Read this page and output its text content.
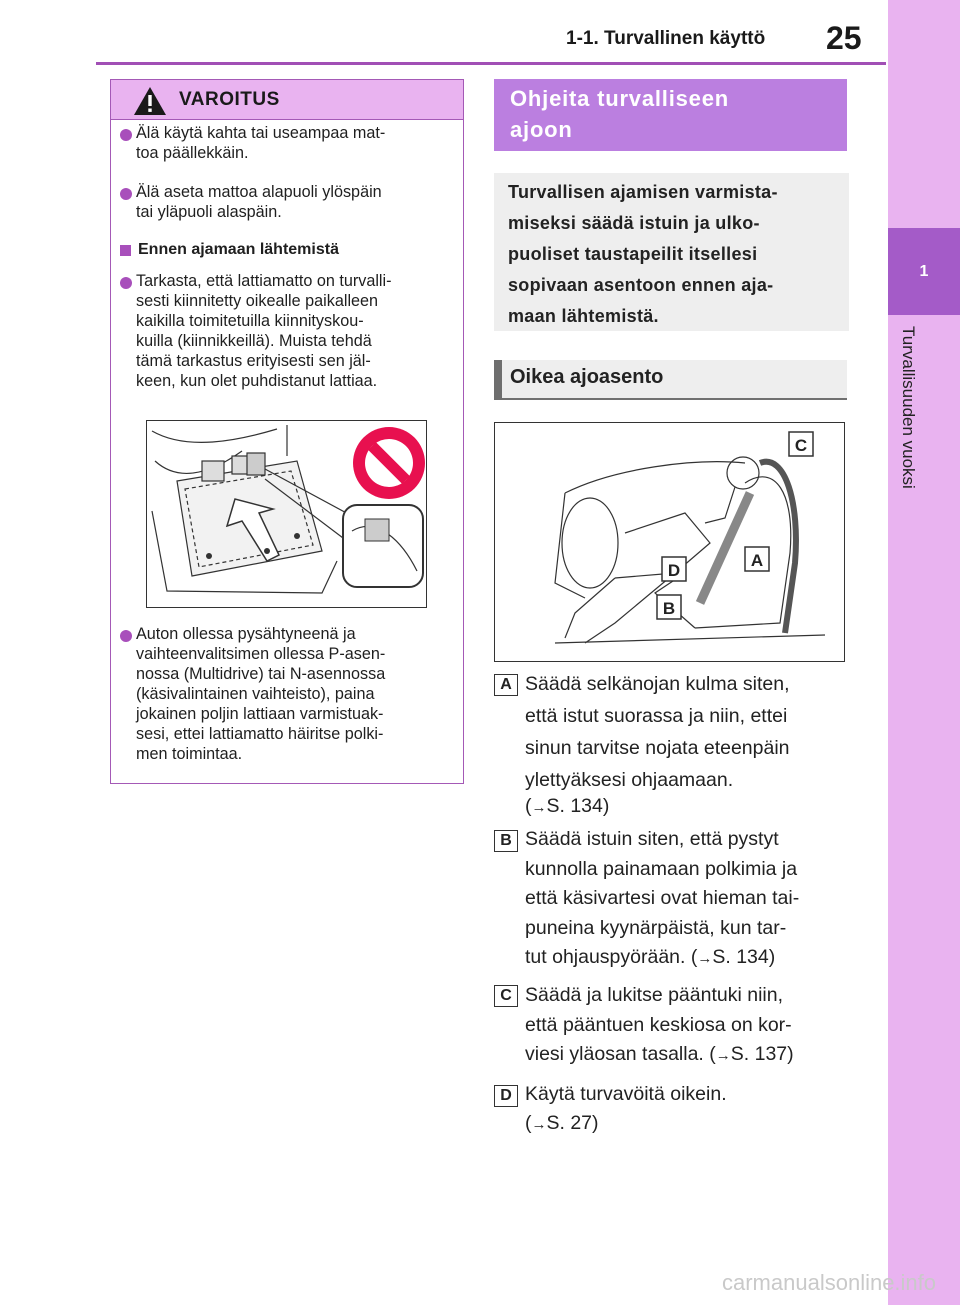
1-1. Turvallinen käyttö 25
1
Turvallisuuden vuoksi
VAROITUS
Älä käytä kahta tai useampaa mat-
toa päällekkäin.
Älä aseta mattoa alapuoli ylöspäin
tai yläpuoli alaspäin.
Ennen ajamaan lähtemistä
Tarkasta, että lattiamatto on turvalli-
sesti kiinnitetty oikealle paikalleen
kaikilla toimitetuilla kiinnityskou-
kuilla (kiinnikkeillä). Muista tehdä
tämä tarkastus erityisesti sen jäl-
keen, kun olet puhdistanut lattiaa.
Auton ollessa pysähtyneenä ja
vaihteenvalitsimen ollessa P-asen-
nossa (Multidrive) tai N-asennossa
(käsivalintainen vaihteisto), paina
jokainen poljin lattiaan varmistuak-
sesi, ettei lattiamatto häiritse polki-
men toimintaa.
Ohjeita turvalliseen
ajoon
Turvallisen ajamisen varmista-
miseksi säädä istuin ja ulko-
puoliset taustapeilit itsellesi
sopivaan asentoon ennen aja-
maan lähtemistä.
Oikea ajoasento
C
A
D
B
A Säädä selkänojan kulma siten,
että istut suorassa ja niin, ettei
sinun tarvitse nojata eteenpäin
ylettyäksesi ohjaamaan.
(→S. 134)
B Säädä istuin siten, että pystyt
kunnolla painamaan polkimia ja
että käsivartesi ovat hieman tai-
puneina kyynärpäistä, kun tar-
tut ohjauspyörään. (→S. 134)
C Säädä ja lukitse pääntuki niin,
että pääntuen keskiosa on kor-
viesi yläosan tasalla. (→S. 137)
D Käytä turvavöitä oikein.
(→S. 27)
carmanualsonline.info
